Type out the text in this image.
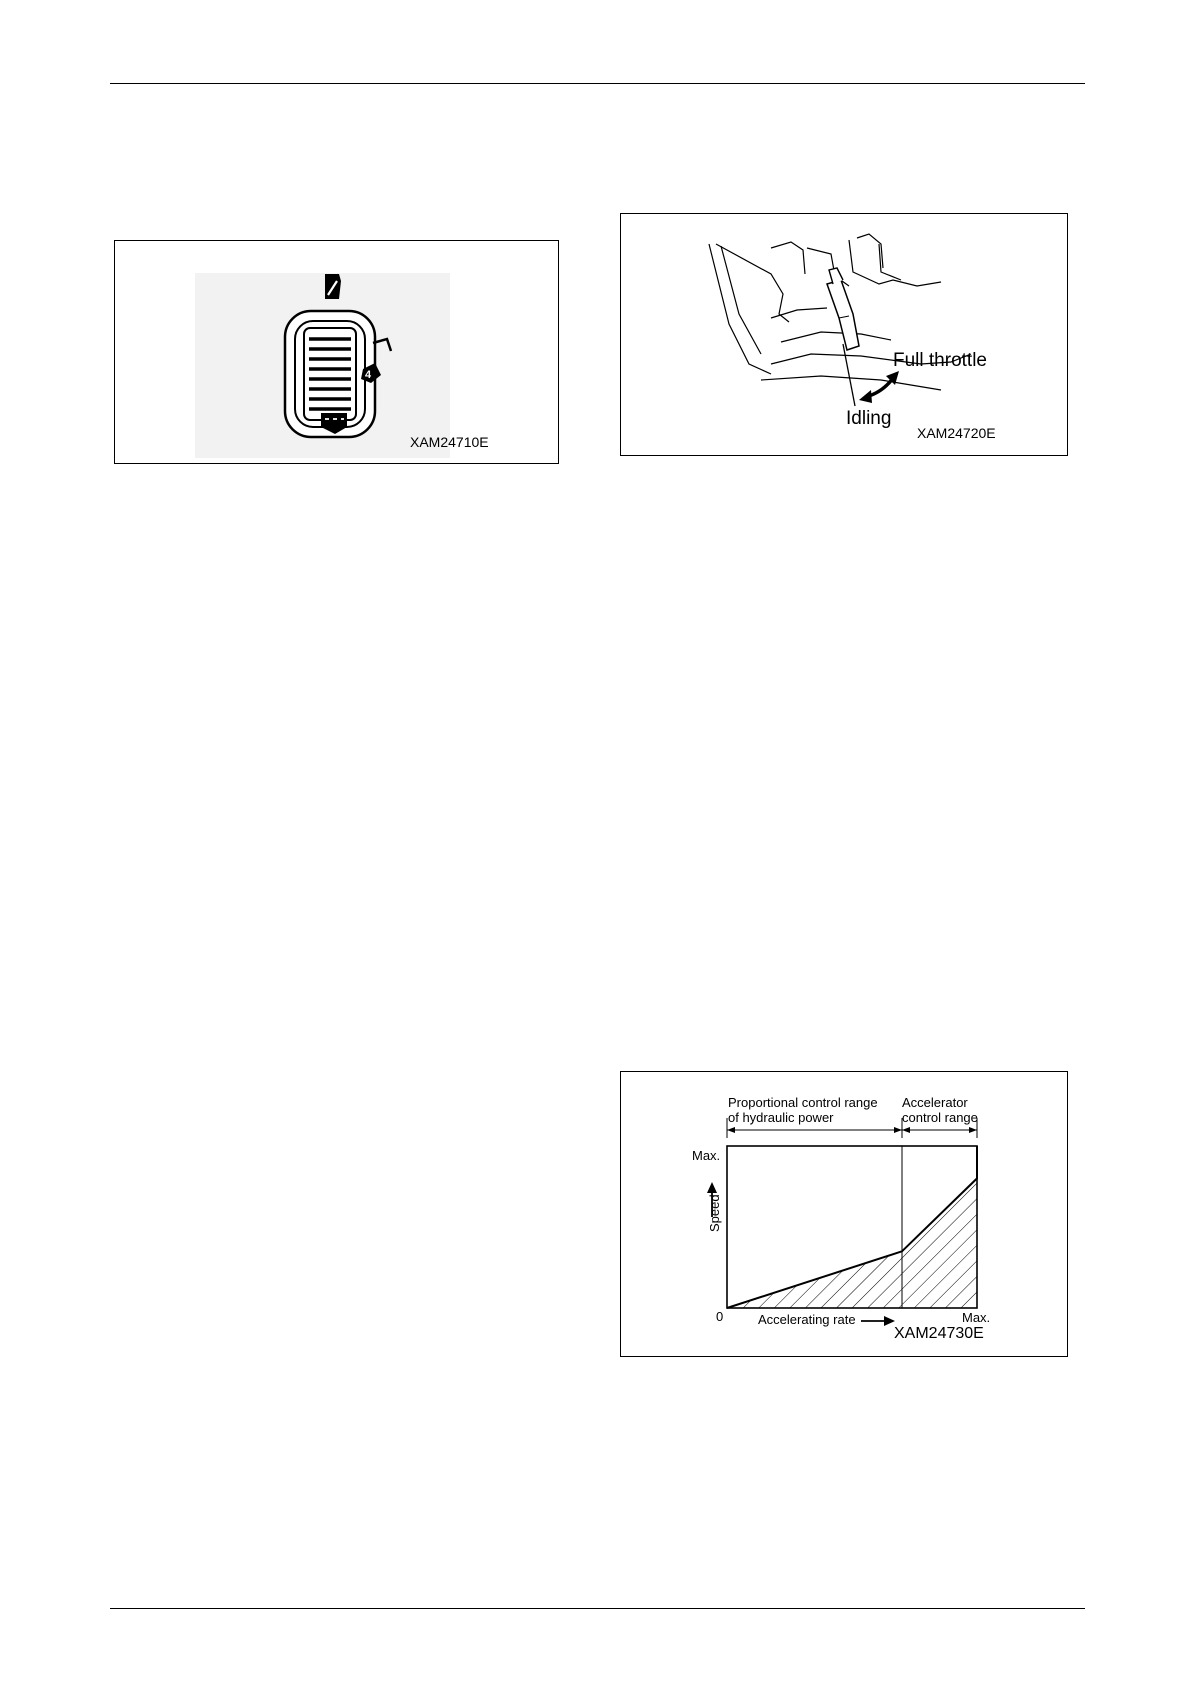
4
XAM24710E
Full throttle
Idling
XAM24720E
Proportional control range
of hydraulic power
Accelerator
control range
Max.
0	Max.
Accelerating rate
Speed
XAM24730E
